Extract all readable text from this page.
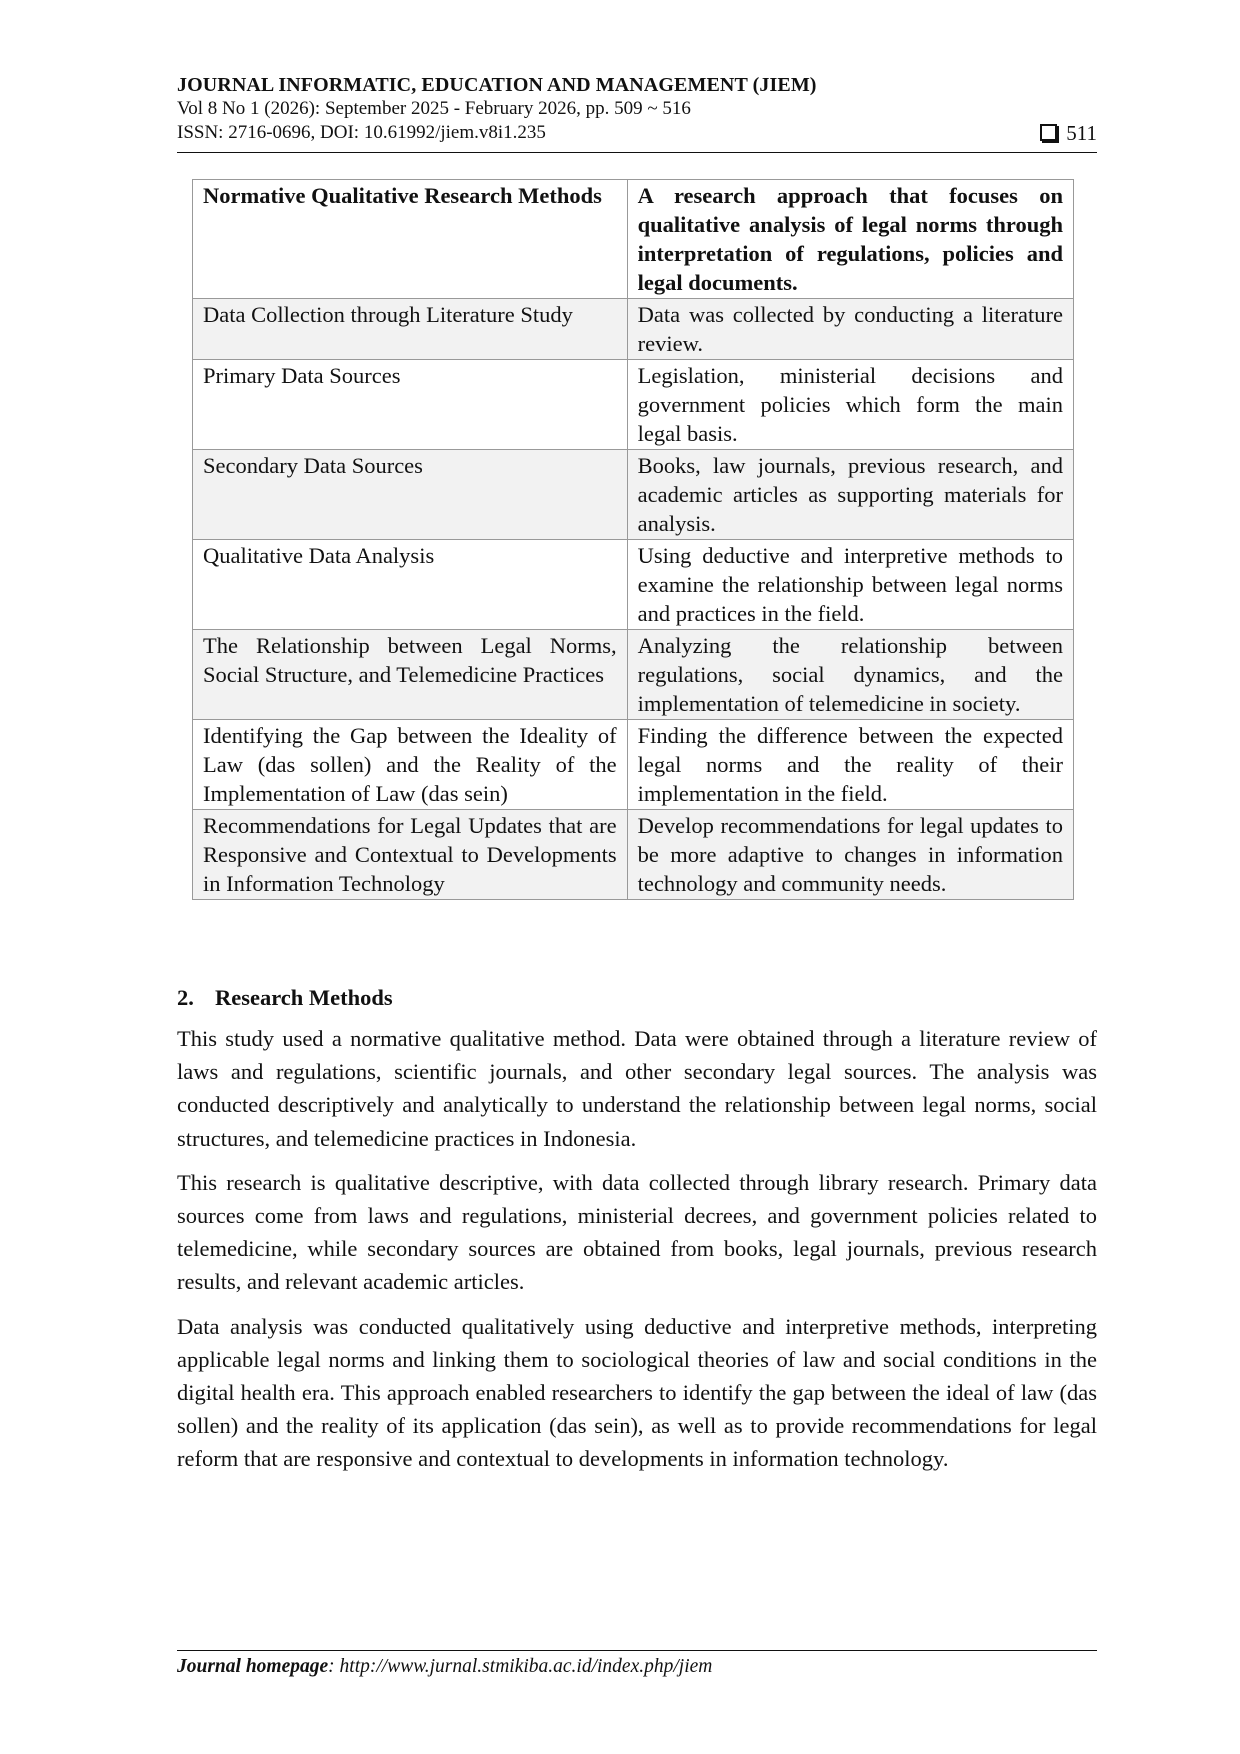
JOURNAL INFORMATIC, EDUCATION AND MANAGEMENT (JIEM)
Vol 8 No 1 (2026): September 2025 - February 2026, pp. 509 ~ 516
ISSN: 2716-0696, DOI: 10.61992/jiem.v8i1.235	511
Normative Qualitative Research Methods	A research approach that focuses on qualitative analysis of legal norms through interpretation of regulations, policies and legal documents.
Data Collection through Literature Study	Data was collected by conducting a literature review.
Primary Data Sources	Legislation, ministerial decisions and government policies which form the main legal basis.
Secondary Data Sources	Books, law journals, previous research, and academic articles as supporting materials for analysis.
Qualitative Data Analysis	Using deductive and interpretive methods to examine the relationship between legal norms and practices in the field.
The Relationship between Legal Norms, Social Structure, and Telemedicine Practices	Analyzing the relationship between regulations, social dynamics, and the implementation of telemedicine in society.
Identifying the Gap between the Ideality of Law (das sollen) and the Reality of the Implementation of Law (das sein)	Finding the difference between the expected legal norms and the reality of their implementation in the field.
Recommendations for Legal Updates that are Responsive and Contextual to Developments in Information Technology	Develop recommendations for legal updates to be more adaptive to changes in information technology and community needs.
2. Research Methods

This study used a normative qualitative method. Data were obtained through a literature review of laws and regulations, scientific journals, and other secondary legal sources. The analysis was conducted descriptively and analytically to understand the relationship between legal norms, social structures, and telemedicine practices in Indonesia.

This research is qualitative descriptive, with data collected through library research. Primary data sources come from laws and regulations, ministerial decrees, and government policies related to telemedicine, while secondary sources are obtained from books, legal journals, previous research results, and relevant academic articles.

Data analysis was conducted qualitatively using deductive and interpretive methods, interpreting applicable legal norms and linking them to sociological theories of law and social conditions in the digital health era. This approach enabled researchers to identify the gap between the ideal of law (das sollen) and the reality of its application (das sein), as well as to provide recommendations for legal reform that are responsive and contextual to developments in information technology.

Journal homepage: http://www.jurnal.stmikiba.ac.id/index.php/jiem
